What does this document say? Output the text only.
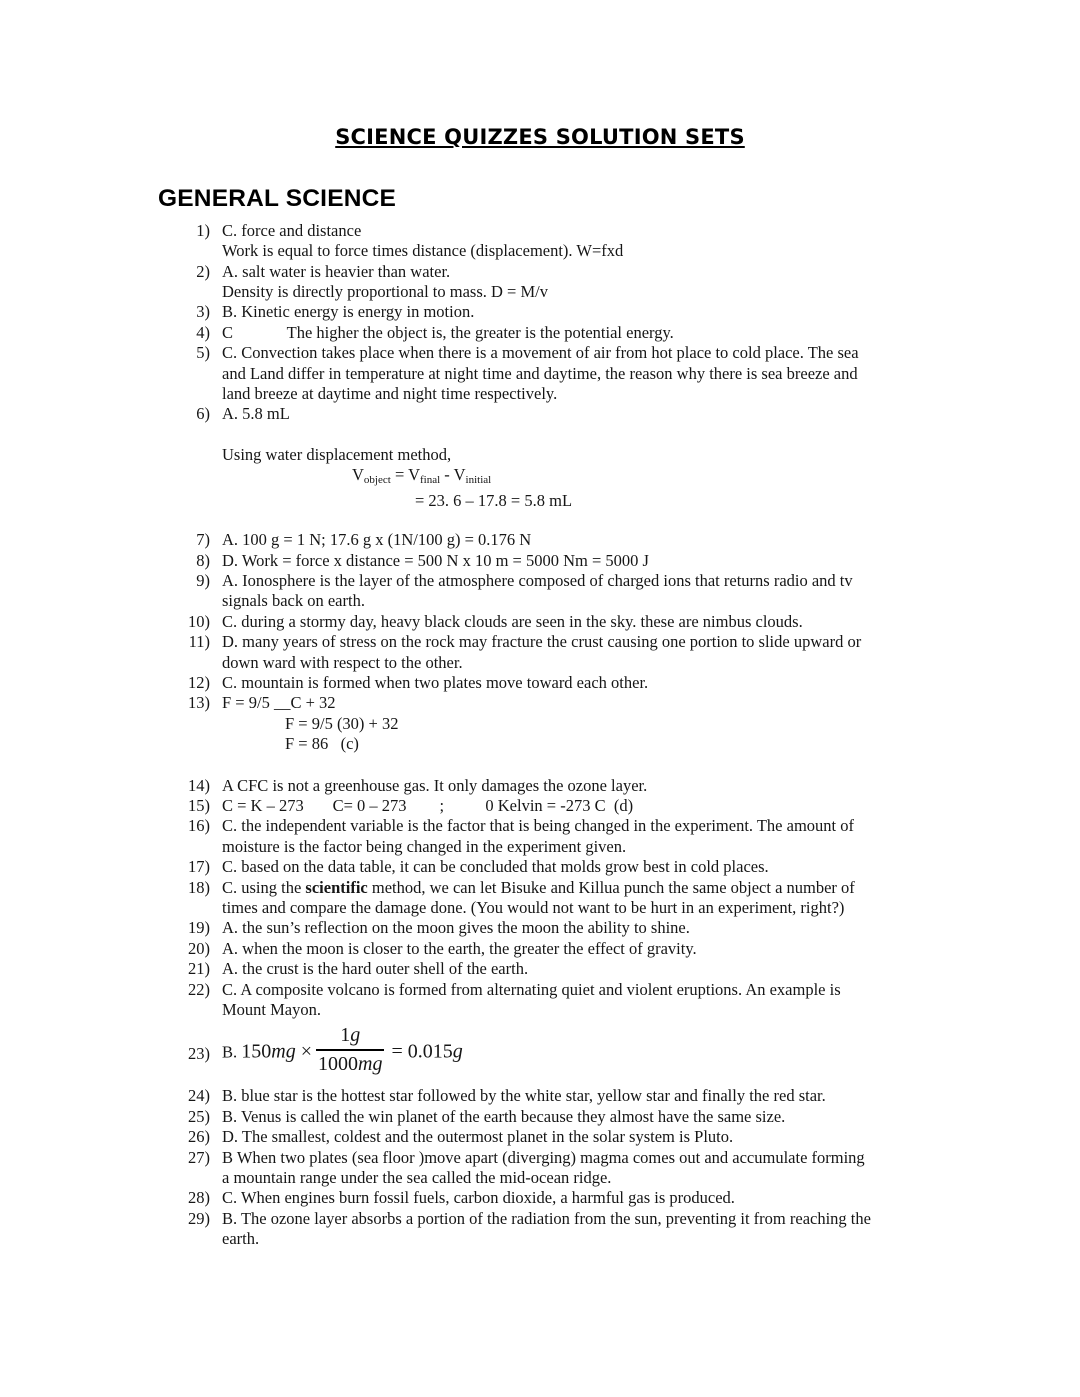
SCIENCE QUIZZES SOLUTION SETS
GENERAL SCIENCE
1) C. force and distance
Work is equal to force times distance (displacement). W=fxd
2) A. salt water is heavier than water.
Density is directly proportional to mass. D = M/v
3) B. Kinetic energy is energy in motion.
4) C             The higher the object is, the greater is the potential energy.
5) C. Convection takes place when there is a movement of air from hot place to cold place. The sea
and Land differ in temperature at night time and daytime, the reason why there is sea breeze and
land breeze at daytime and night time respectively.
6) A. 5.8 mL
Using water displacement method,
$V_{object} = V_{final} - V_{initial}$
= 23. 6 – 17.8 = 5.8 mL
7) A. 100 g = 1 N; 17.6 g x (1N/100 g) = 0.176 N
8) D. Work = force x distance = 500 N x 10 m = 5000 Nm = 5000 J
9) A. Ionosphere is the layer of the atmosphere composed of charged ions that returns radio and tv
signals back on earth.
10) C. during a stormy day, heavy black clouds are seen in the sky. these are nimbus clouds.
11) D. many years of stress on the rock may fracture the crust causing one portion to slide upward or
down ward with respect to the other.
12) C. mountain is formed when two plates move toward each other.
13) F = 9/5 __C + 32
F = 9/5 (30) + 32
F = 86   (c)
14) A CFC is not a greenhouse gas. It only damages the ozone layer.
15) C = K – 273       C= 0 – 273        ;          0 Kelvin = -273 C  (d)
16) C. the independent variable is the factor that is being changed in the experiment. The amount of
moisture is the factor being changed in the experiment given.
17) C. based on the data table, it can be concluded that molds grow best in cold places.
18) C. using the scientific method, we can let Bisuke and Killua punch the same object a number of
times and compare the damage done. (You would not want to be hurt in an experiment, right?)
19) A. the sun’s reflection on the moon gives the moon the ability to shine.
20) A. when the moon is closer to the earth, the greater the effect of gravity.
21) A. the crust is the hard outer shell of the earth.
22) C. A composite volcano is formed from alternating quiet and violent eruptions. An example is
Mount Mayon.
23) B. $150mg \times \frac{1g}{1000mg} = 0.015g$
24) B. blue star is the hottest star followed by the white star, yellow star and finally the red star.
25) B. Venus is called the win planet of the earth because they almost have the same size.
26) D. The smallest, coldest and the outermost planet in the solar system is Pluto.
27) B When two plates (sea floor )move apart (diverging) magma comes out and accumulate forming
a mountain range under the sea called the mid-ocean ridge.
28) C. When engines burn fossil fuels, carbon dioxide, a harmful gas is produced.
29) B. The ozone layer absorbs a portion of the radiation from the sun, preventing it from reaching the
earth.
